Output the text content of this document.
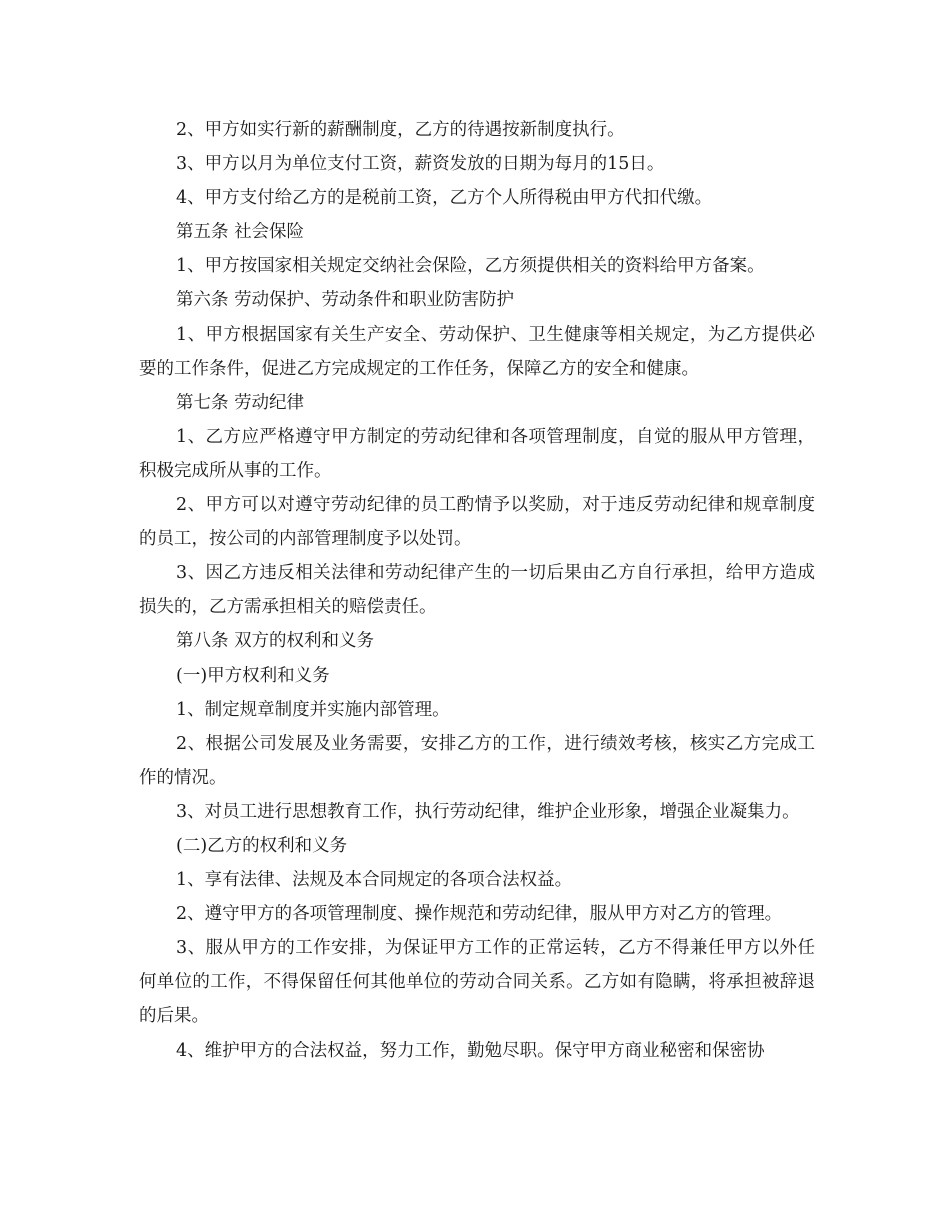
2、甲方如实行新的薪酬制度，乙方的待遇按新制度执行。

3、甲方以月为单位支付工资，薪资发放的日期为每月的15日。

4、甲方支付给乙方的是税前工资，乙方个人所得税由甲方代扣代缴。

第五条 社会保险

1、甲方按国家相关规定交纳社会保险，乙方须提供相关的资料给甲方备案。

第六条 劳动保护、劳动条件和职业防害防护

1、甲方根据国家有关生产安全、劳动保护、卫生健康等相关规定，为乙方提供必要的工作条件，促进乙方完成规定的工作任务，保障乙方的安全和健康。

第七条 劳动纪律

1、乙方应严格遵守甲方制定的劳动纪律和各项管理制度，自觉的服从甲方管理，积极完成所从事的工作。

2、甲方可以对遵守劳动纪律的员工酌情予以奖励，对于违反劳动纪律和规章制度的员工，按公司的内部管理制度予以处罚。

3、因乙方违反相关法律和劳动纪律产生的一切后果由乙方自行承担，给甲方造成损失的，乙方需承担相关的赔偿责任。

第八条 双方的权利和义务

(一)甲方权利和义务

1、制定规章制度并实施内部管理。

2、根据公司发展及业务需要，安排乙方的工作，进行绩效考核，核实乙方完成工作的情况。

3、对员工进行思想教育工作，执行劳动纪律，维护企业形象，增强企业凝集力。

(二)乙方的权利和义务

1、享有法律、法规及本合同规定的各项合法权益。

2、遵守甲方的各项管理制度、操作规范和劳动纪律，服从甲方对乙方的管理。

3、服从甲方的工作安排，为保证甲方工作的正常运转，乙方不得兼任甲方以外任何单位的工作，不得保留任何其他单位的劳动合同关系。乙方如有隐瞒，将承担被辞退的后果。

4、维护甲方的合法权益，努力工作，勤勉尽职。保守甲方商业秘密和保密协
